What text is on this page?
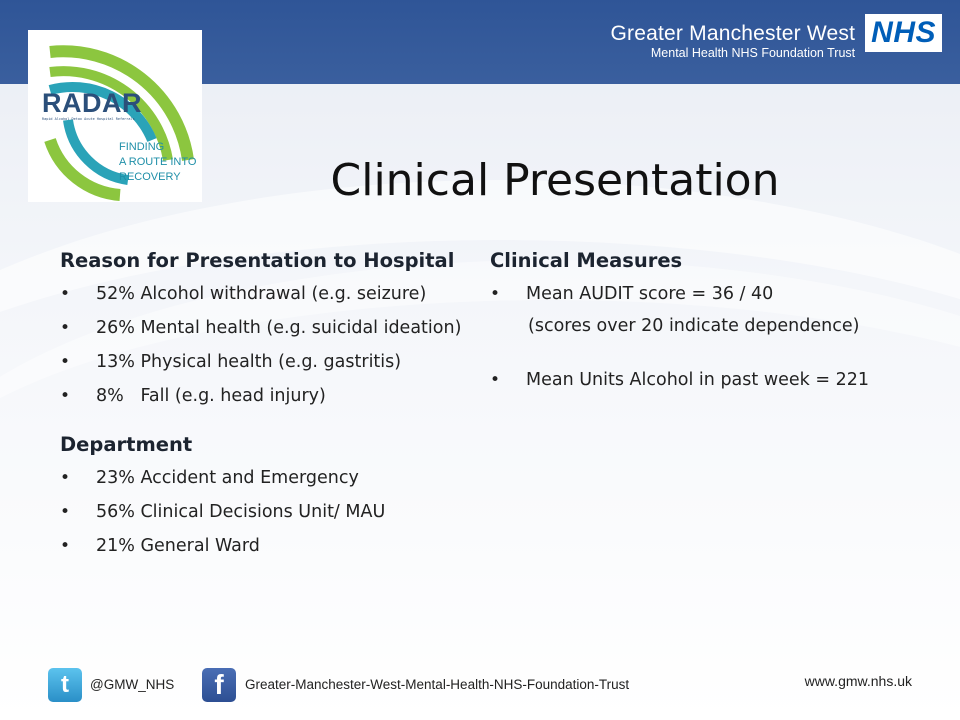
Greater Manchester West
Mental Health NHS Foundation Trust
NHS
RADAR
Rapid Alcohol Detox Acute Hospital Referrals
FINDING
A ROUTE INTO
RECOVERY	Clinical Presentation
Reason for Presentation to Hospital
• 52% Alcohol withdrawal (e.g. seizure)
• 26% Mental health (e.g. suicidal ideation)
• 13% Physical health (e.g. gastritis)
• 8%   Fall (e.g. head injury)
Department
• 23% Accident and Emergency
• 56% Clinical Decisions Unit/ MAU
• 21% General Ward
Clinical Measures
• Mean AUDIT score = 36 / 40
(scores over 20 indicate dependence)
• Mean Units Alcohol in past week = 221
t	@GMW_NHS	f	Greater-Manchester-West-Mental-Health-NHS-Foundation-Trust	www.gmw.nhs.uk
